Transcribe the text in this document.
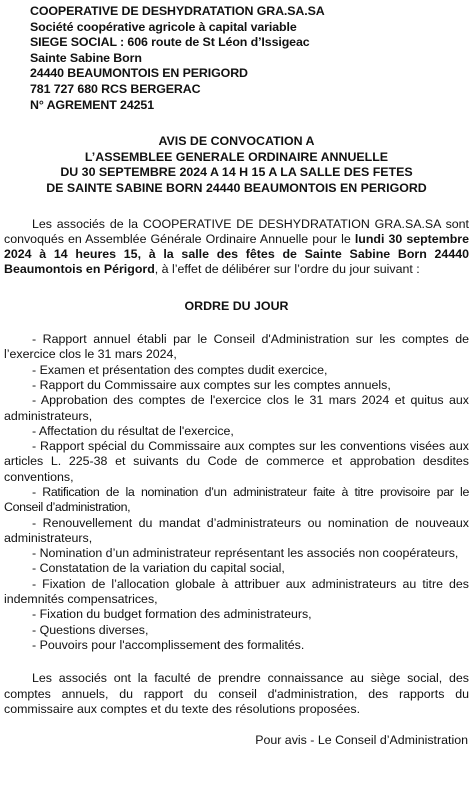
COOPERATIVE DE DESHYDRATATION GRA.SA.SA
Société coopérative agricole à capital variable
SIEGE SOCIAL : 606 route de St Léon d’Issigeac
Sainte Sabine Born
24440 BEAUMONTOIS EN PERIGORD
781 727 680 RCS BERGERAC
N° AGREMENT 24251
AVIS DE CONVOCATION A
L’ASSEMBLEE GENERALE ORDINAIRE ANNUELLE
DU 30 SEPTEMBRE 2024 A 14 H 15 A LA SALLE DES FETES
DE SAINTE SABINE BORN 24440 BEAUMONTOIS EN PERIGORD

Les associés de la COOPERATIVE DE DESHYDRATATION GRA.SA.SA sont convoqués en Assemblée Générale Ordinaire Annuelle pour le lundi 30 septembre 2024 à 14 heures 15, à la salle des fêtes de Sainte Sabine Born 24440 Beaumontois en Périgord, à l’effet de délibérer sur l’ordre du jour suivant :

ORDRE DU JOUR

- Rapport annuel établi par le Conseil d'Administration sur les comptes de l’exercice clos le 31 mars 2024,

- Examen et présentation des comptes dudit exercice,

- Rapport du Commissaire aux comptes sur les comptes annuels,

- Approbation des comptes de l'exercice clos le 31 mars 2024 et quitus aux administrateurs,

- Affectation du résultat de l'exercice,

- Rapport spécial du Commissaire aux comptes sur les conventions visées aux articles L. 225-38 et suivants du Code de commerce et approbation desdites conventions,

- Ratification de la nomination d’un administrateur faite à titre provisoire par le Conseil d’administration,

- Renouvellement du mandat d’administrateurs ou nomination de nouveaux administrateurs,

- Nomination d’un administrateur représentant les associés non coopérateurs,

- Constatation de la variation du capital social,

- Fixation de l’allocation globale à attribuer aux administrateurs au titre des indemnités compensatrices,

- Fixation du budget formation des administrateurs,

- Questions diverses,

- Pouvoirs pour l'accomplissement des formalités.

Les associés ont la faculté de prendre connaissance au siège social, des comptes annuels, du rapport du conseil d'administration, des rapports du commissaire aux comptes et du texte des résolutions proposées.

Pour avis - Le Conseil d’Administration
